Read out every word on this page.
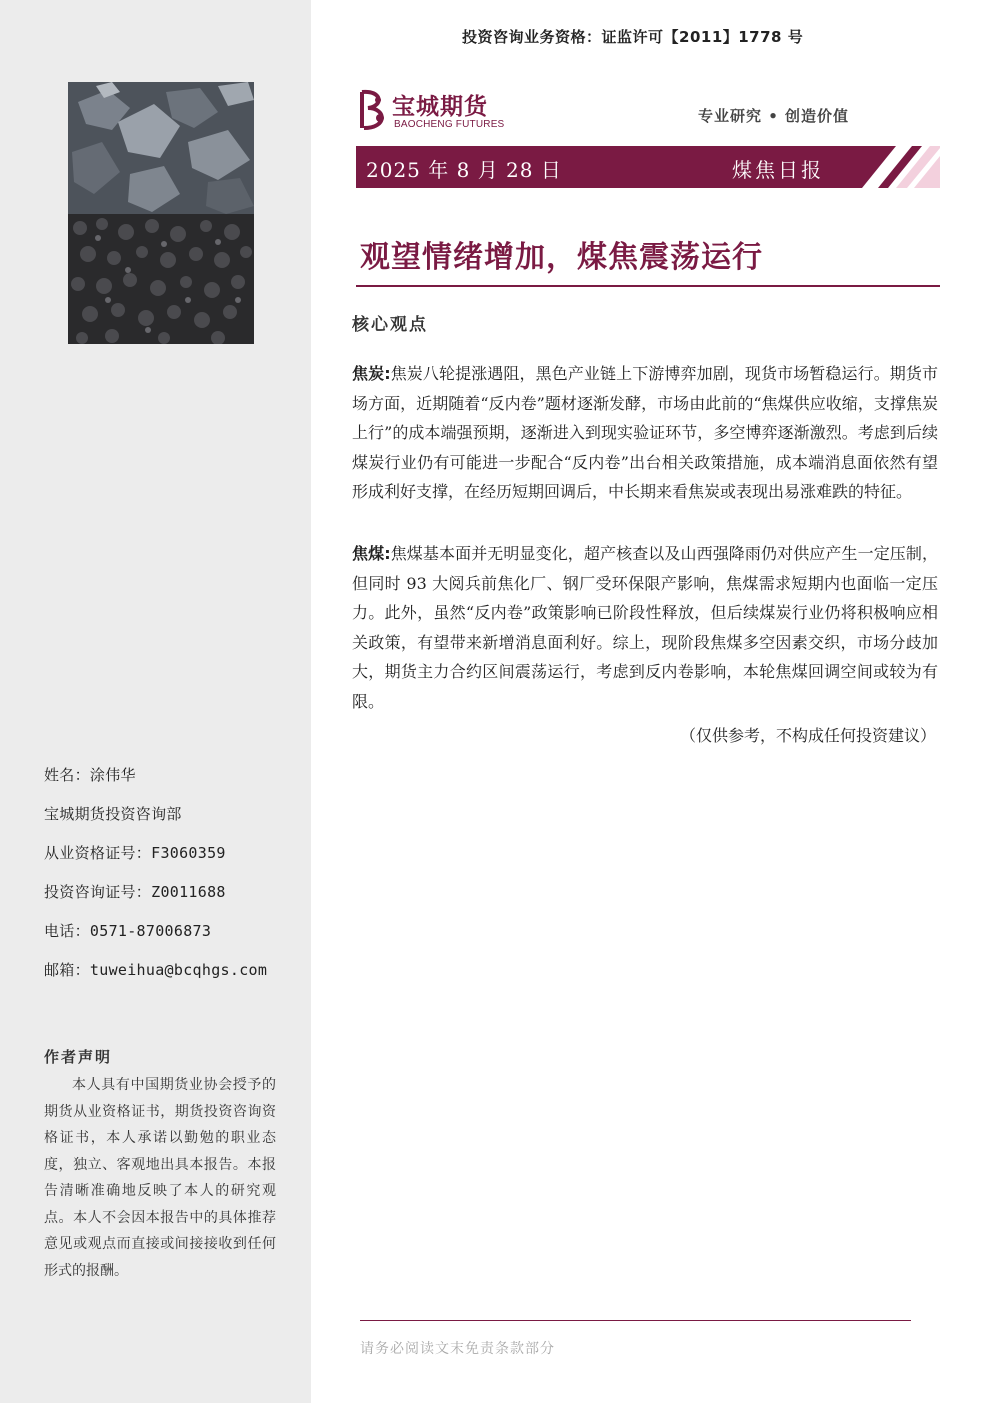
姓名：涂伟华
宝城期货投资咨询部
从业资格证号：F3060359
投资咨询证号：Z0011688
电话：0571-87006873
邮箱：tuweihua@bcqhgs.com
作者声明
本人具有中国期货业协会授予的期货从业资格证书，期货投资咨询资格证书，本人承诺以勤勉的职业态度，独立、客观地出具本报告。本报告清晰准确地反映了本人的研究观点。本人不会因本报告中的具体推荐意见或观点而直接或间接接收到任何形式的报酬。
投资咨询业务资格：证监许可【2011】1778 号
宝城期货
BAOCHENG FUTURES	专业研究 • 创造价值
2025 年 8 月 28 日	煤焦日报
观望情绪增加，煤焦震荡运行
核心观点
焦炭:焦炭八轮提涨遇阻，黑色产业链上下游博弈加剧，现货市场暂稳运行。期货市场方面，近期随着“反内卷”题材逐渐发酵，市场由此前的“焦煤供应收缩，支撑焦炭上行”的成本端强预期，逐渐进入到现实验证环节，多空博弈逐渐激烈。考虑到后续煤炭行业仍有可能进一步配合“反内卷”出台相关政策措施，成本端消息面依然有望形成利好支撑，在经历短期回调后，中长期来看焦炭或表现出易涨难跌的特征。
焦煤:焦煤基本面并无明显变化，超产核查以及山西强降雨仍对供应产生一定压制，但同时 93 大阅兵前焦化厂、钢厂受环保限产影响，焦煤需求短期内也面临一定压力。此外，虽然“反内卷”政策影响已阶段性释放，但后续煤炭行业仍将积极响应相关政策，有望带来新增消息面利好。综上，现阶段焦煤多空因素交织，市场分歧加大，期货主力合约区间震荡运行，考虑到反内卷影响，本轮焦煤回调空间或较为有限。
（仅供参考，不构成任何投资建议）
请务必阅读文末免责条款部分
